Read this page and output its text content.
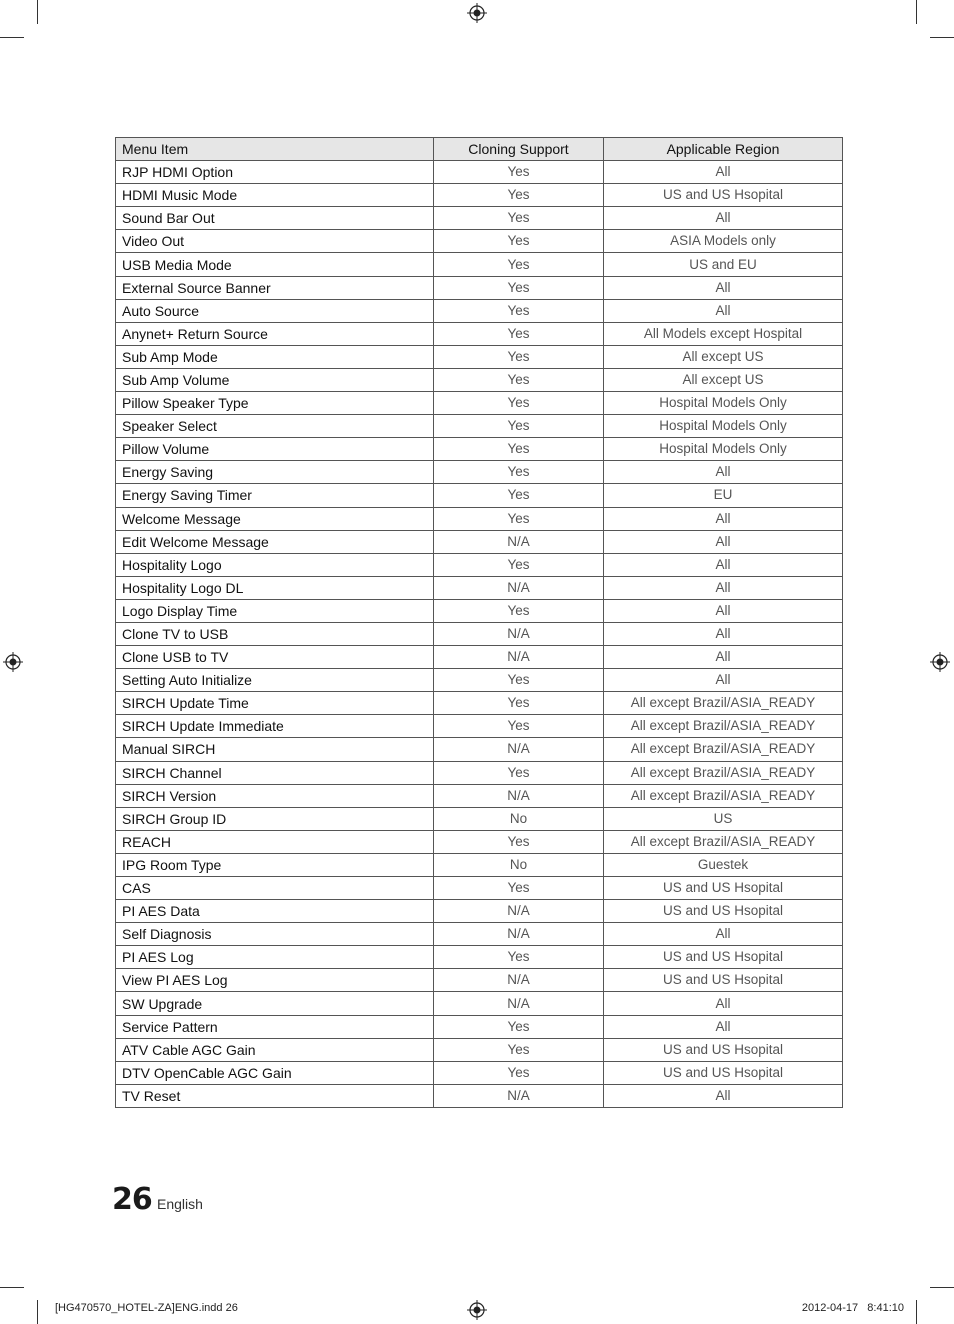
Menu Item	Cloning Support	Applicable Region
RJP HDMI Option	Yes	All
HDMI Music Mode	Yes	US and US Hsopital
Sound Bar Out	Yes	All
Video Out	Yes	ASIA Models only
USB Media Mode	Yes	US and EU
External Source Banner	Yes	All
Auto Source	Yes	All
Anynet+ Return Source	Yes	All Models except Hospital
Sub Amp Mode	Yes	All except US
Sub Amp Volume	Yes	All except US
Pillow Speaker Type	Yes	Hospital Models Only
Speaker Select	Yes	Hospital Models Only
Pillow Volume	Yes	Hospital Models Only
Energy Saving	Yes	All
Energy Saving Timer	Yes	EU
Welcome Message	Yes	All
Edit Welcome Message	N/A	All
Hospitality Logo	Yes	All
Hospitality Logo DL	N/A	All
Logo Display Time	Yes	All
Clone TV to USB	N/A	All
Clone USB to TV	N/A	All
Setting Auto Initialize	Yes	All
SIRCH Update Time	Yes	All except Brazil/ASIA_READY
SIRCH Update Immediate	Yes	All except Brazil/ASIA_READY
Manual SIRCH	N/A	All except Brazil/ASIA_READY
SIRCH Channel	Yes	All except Brazil/ASIA_READY
SIRCH Version	N/A	All except Brazil/ASIA_READY
SIRCH Group ID	No	US
REACH	Yes	All except Brazil/ASIA_READY
IPG Room Type	No	Guestek
CAS	Yes	US and US Hsopital
PI AES Data	N/A	US and US Hsopital
Self Diagnosis	N/A	All
PI AES Log	Yes	US and US Hsopital
View PI AES Log	N/A	US and US Hsopital
SW Upgrade	N/A	All
Service Pattern	Yes	All
ATV Cable AGC Gain	Yes	US and US Hsopital
DTV OpenCable AGC Gain	Yes	US and US Hsopital
TV Reset	N/A	All
26 English
[HG470570_HOTEL-ZA]ENG.indd 26	2012-04-17   8:41:10
